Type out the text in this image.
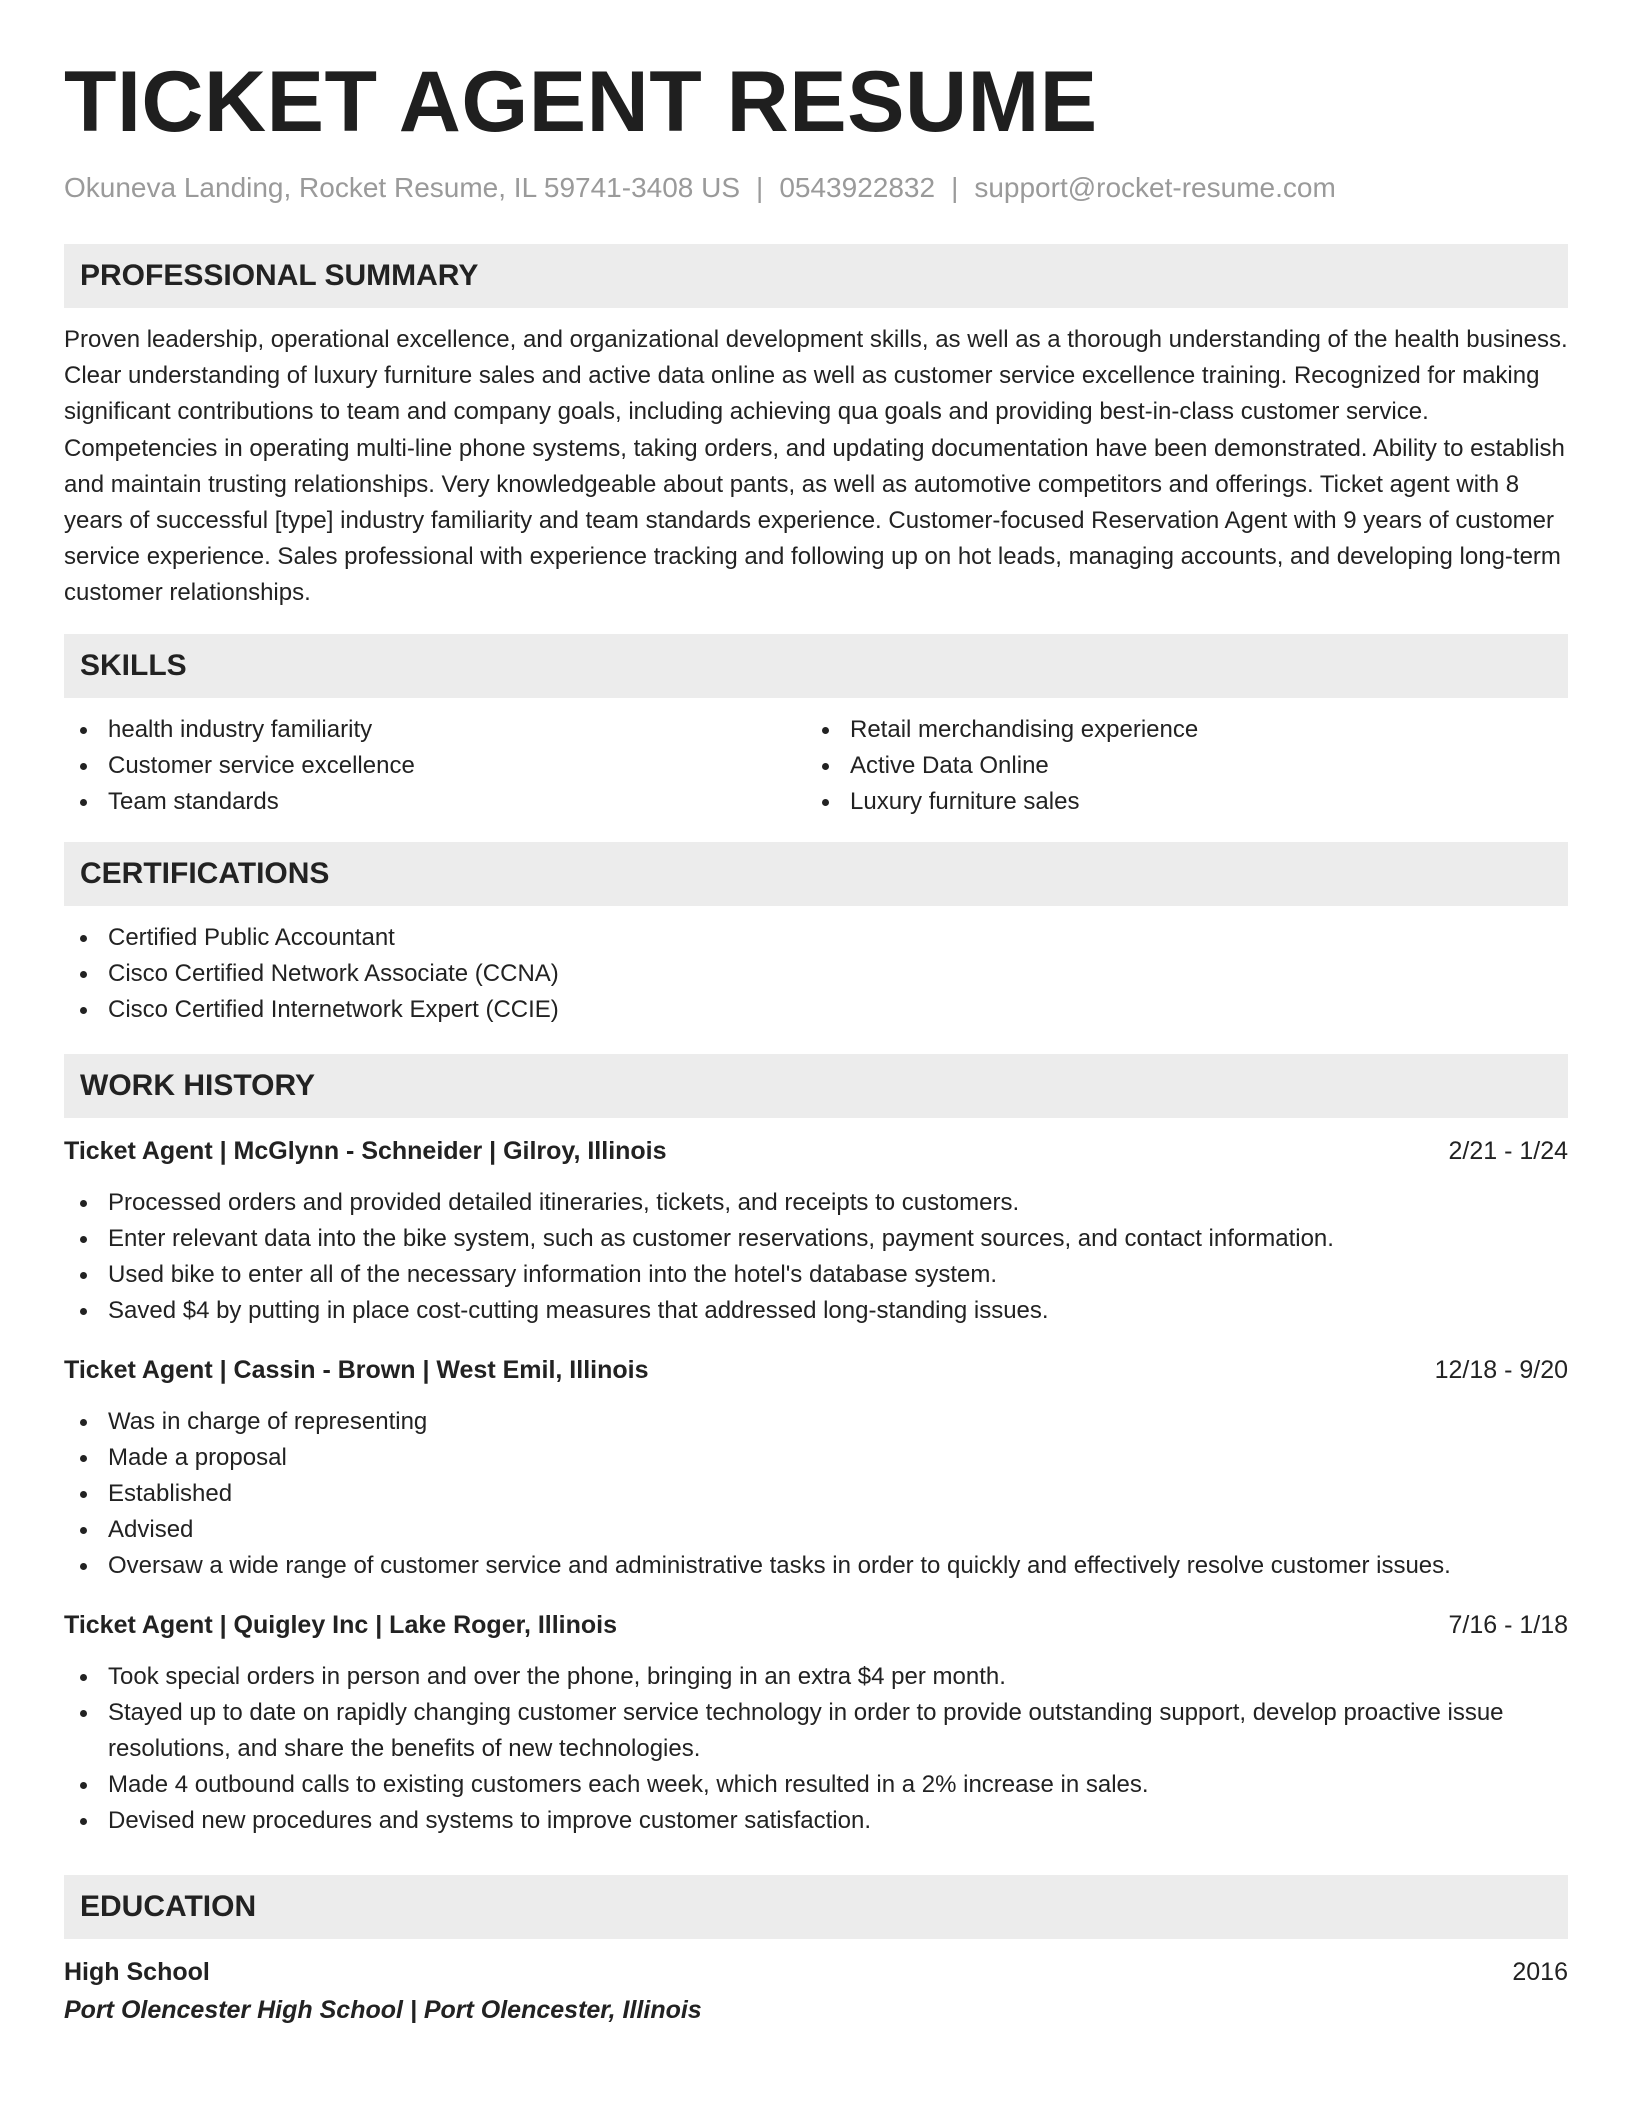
TICKET AGENT RESUME
Okuneva Landing, Rocket Resume, IL 59741-3408 US | 0543922832 | support@rocket-resume.com
PROFESSIONAL SUMMARY
Proven leadership, operational excellence, and organizational development skills, as well as a thorough understanding of the health business. Clear understanding of luxury furniture sales and active data online as well as customer service excellence training. Recognized for making significant contributions to team and company goals, including achieving qua goals and providing best-in-class customer service. Competencies in operating multi-line phone systems, taking orders, and updating documentation have been demonstrated. Ability to establish and maintain trusting relationships. Very knowledgeable about pants, as well as automotive competitors and offerings. Ticket agent with 8 years of successful [type] industry familiarity and team standards experience. Customer-focused Reservation Agent with 9 years of customer service experience. Sales professional with experience tracking and following up on hot leads, managing accounts, and developing long-term customer relationships.
SKILLS
health industry familiarity
Customer service excellence
Team standards
Retail merchandising experience
Active Data Online
Luxury furniture sales
CERTIFICATIONS
Certified Public Accountant
Cisco Certified Network Associate (CCNA)
Cisco Certified Internetwork Expert (CCIE)
WORK HISTORY
Ticket Agent | McGlynn - Schneider | Gilroy, Illinois	2/21 - 1/24
Processed orders and provided detailed itineraries, tickets, and receipts to customers.
Enter relevant data into the bike system, such as customer reservations, payment sources, and contact information.
Used bike to enter all of the necessary information into the hotel's database system.
Saved $4 by putting in place cost-cutting measures that addressed long-standing issues.
Ticket Agent | Cassin - Brown | West Emil, Illinois	12/18 - 9/20
Was in charge of representing
Made a proposal
Established
Advised
Oversaw a wide range of customer service and administrative tasks in order to quickly and effectively resolve customer issues.
Ticket Agent | Quigley Inc | Lake Roger, Illinois	7/16 - 1/18
Took special orders in person and over the phone, bringing in an extra $4 per month.
Stayed up to date on rapidly changing customer service technology in order to provide outstanding support, develop proactive issue resolutions, and share the benefits of new technologies.
Made 4 outbound calls to existing customers each week, which resulted in a 2% increase in sales.
Devised new procedures and systems to improve customer satisfaction.
EDUCATION
High School	2016
Port Olencester High School | Port Olencester, Illinois
